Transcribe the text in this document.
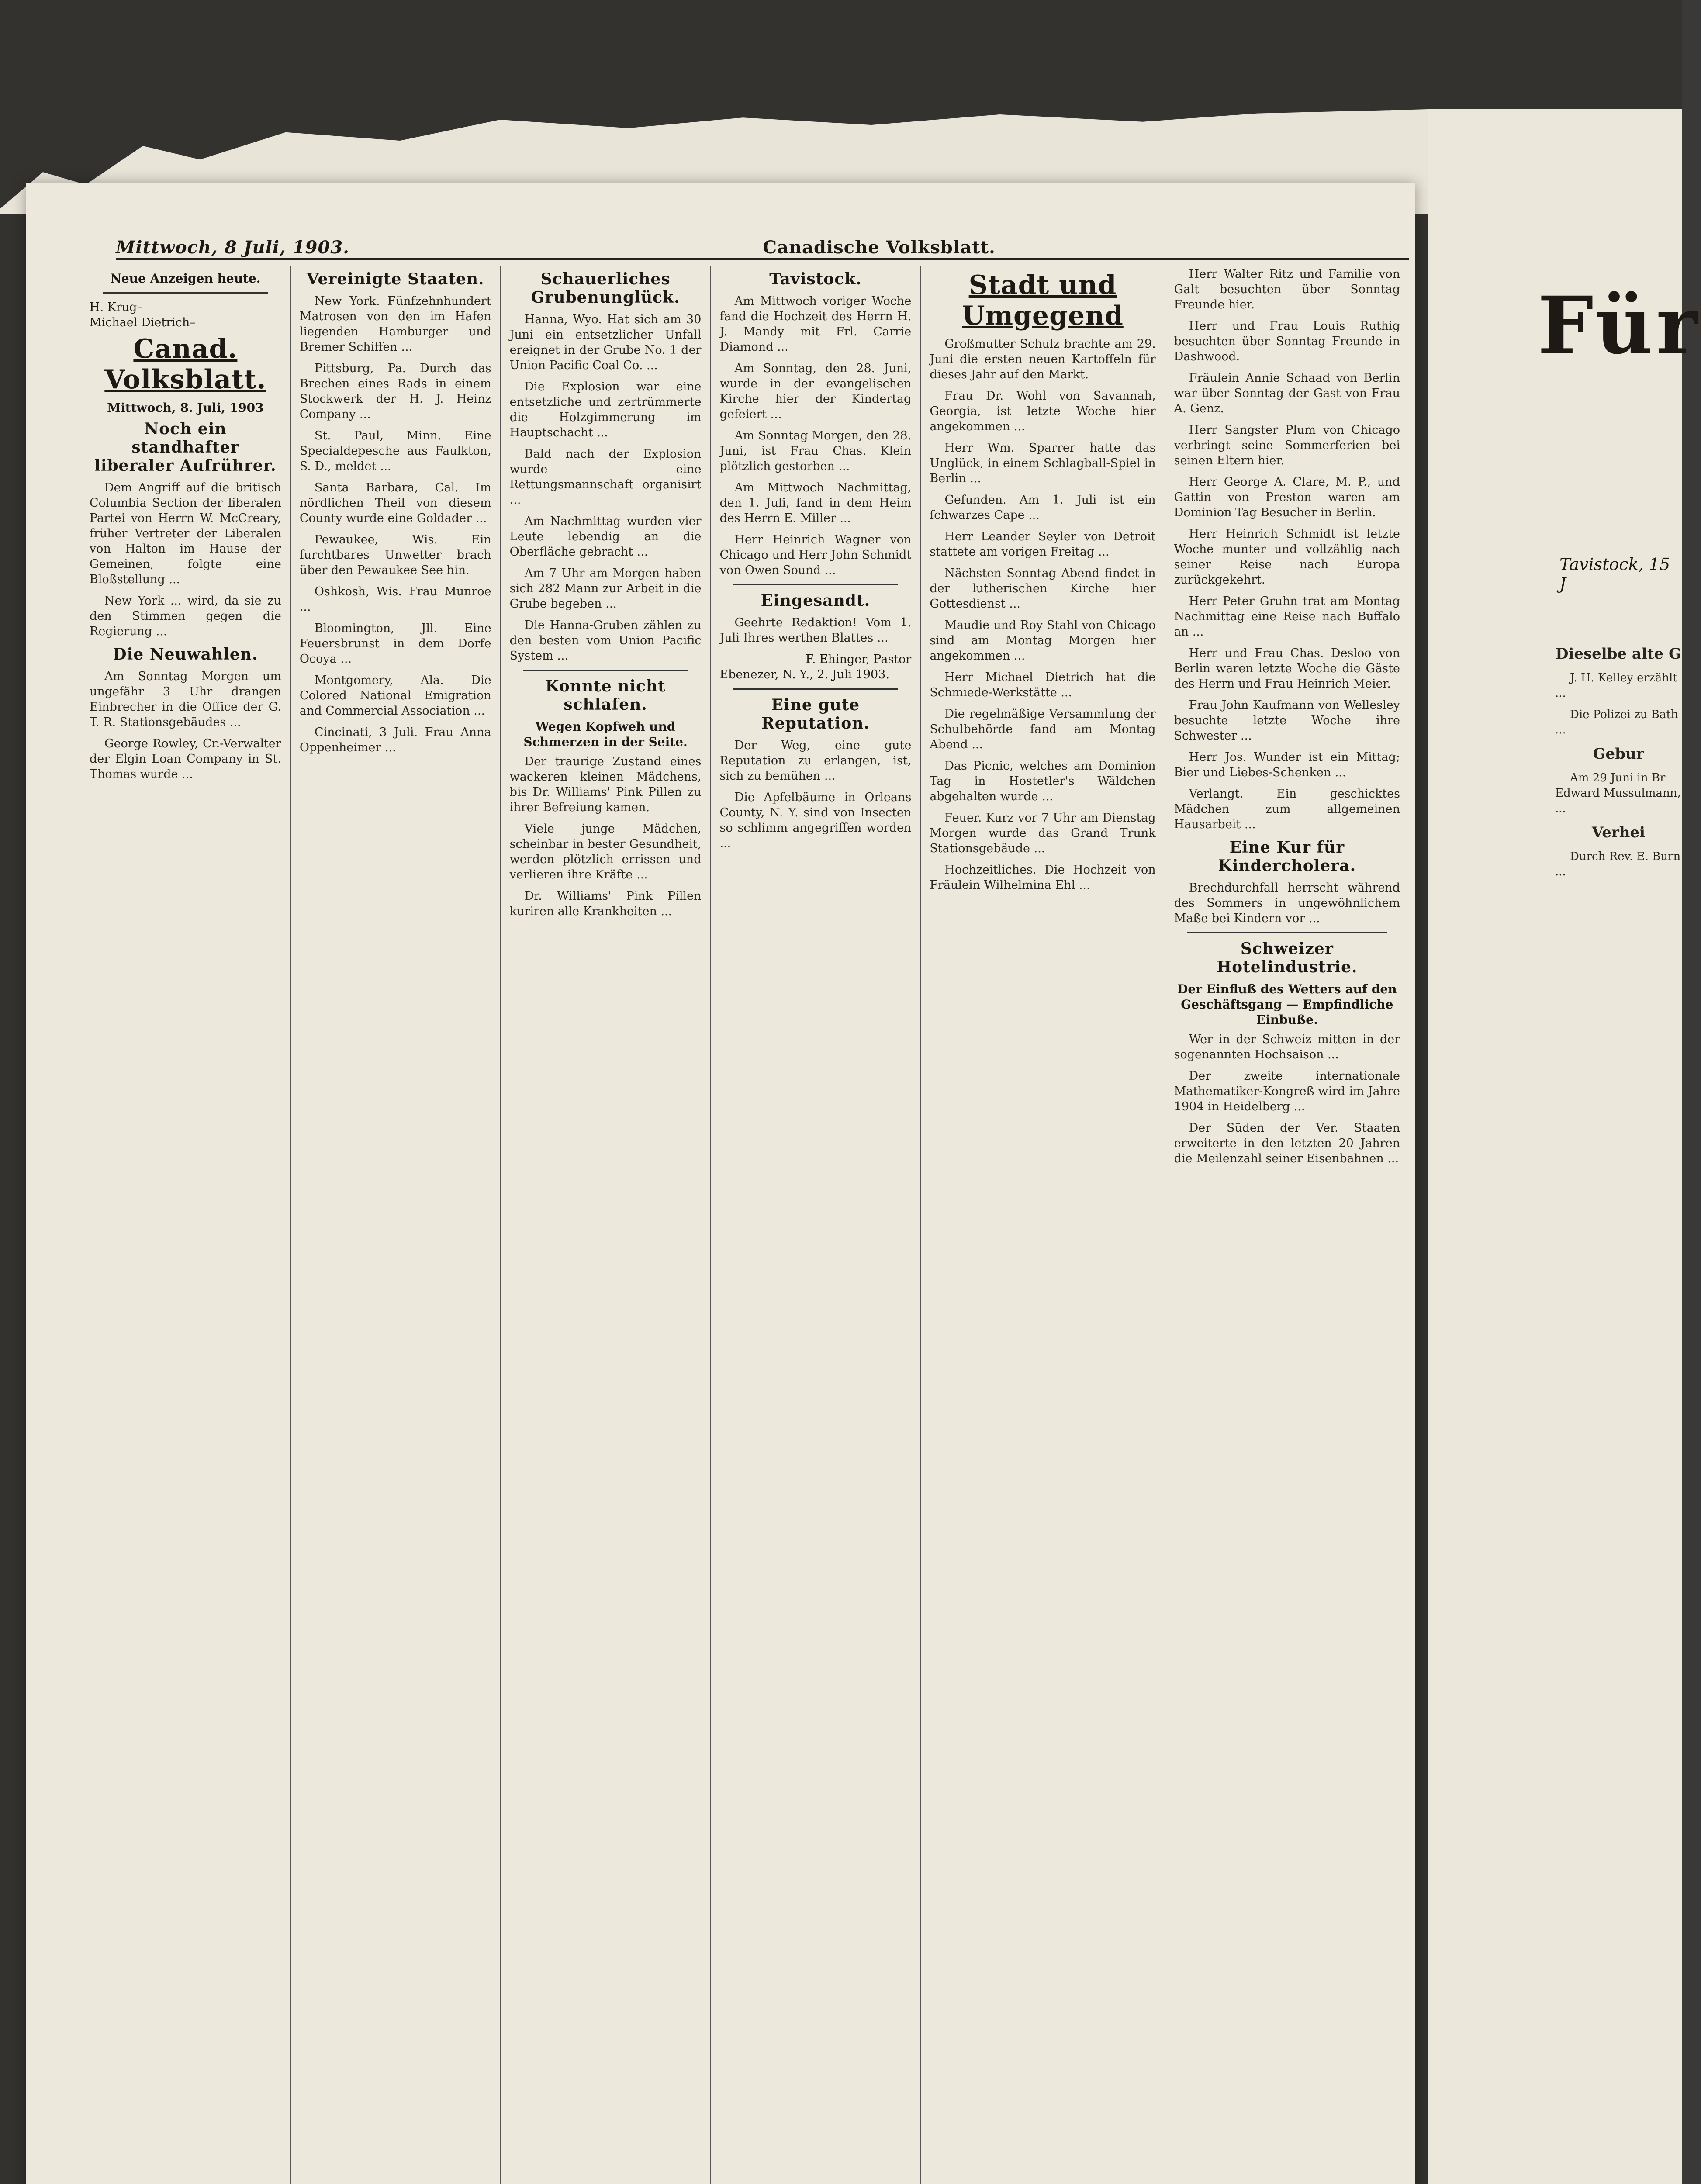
Mittwoch, 8 Juli, 1903.	Canadische Volksblatt.
Neue Anzeigen heute.
H. Krug–
Michael Dietrich–
Canad. Volksblatt.
Mittwoch, 8. Juli, 1903
Noch ein standhafter liberaler Aufrührer.

Dem Angriff auf die britisch Columbia Section der liberalen Partei von Herrn W. McCreary, früher Vertreter der Liberalen von Halton im Hause der Gemeinen, folgte eine Bloßstellung ...

New York ... wird, da sie zu den Stimmen gegen die Regierung ...

Die Neuwahlen.

Am Sonntag Morgen um ungefähr 3 Uhr drangen Einbrecher in die Office der G. T. R. Stationsgebäudes ...

George Rowley, Cr.-Verwalter der Elgin Loan Company in St. Thomas wurde ...

Vereinigte Staaten.

New York. Fünfzehnhundert Matrosen von den im Hafen liegenden Hamburger und Bremer Schiffen ...

Pittsburg, Pa. Durch das Brechen eines Rads in einem Stockwerk der H. J. Heinz Company ...

St. Paul, Minn. Eine Specialdepesche aus Faulkton, S. D., meldet ...

Santa Barbara, Cal. Im nördlichen Theil von diesem County wurde eine Goldader ...

Pewaukee, Wis. Ein furchtbares Unwetter brach über den Pewaukee See hin.

Oshkosh, Wis. Frau Munroe ...

Bloomington, Jll. Eine Feuersbrunst in dem Dorfe Ocoya ...

Montgomery, Ala. Die Colored National Emigration and Commercial Association ...

Cincinati, 3 Juli. Frau Anna Oppenheimer ...

Schauerliches Grubenunglück.

Hanna, Wyo. Hat sich am 30 Juni ein entsetzlicher Unfall ereignet in der Grube No. 1 der Union Pacific Coal Co. ...

Die Explosion war eine entsetzliche und zertrümmerte die Holzgimmerung im Hauptschacht ...

Bald nach der Explosion wurde eine Rettungsmannschaft organisirt ...

Am Nachmittag wurden vier Leute lebendig an die Oberfläche gebracht ...

Am 7 Uhr am Morgen haben sich 282 Mann zur Arbeit in die Grube begeben ...

Die Hanna-Gruben zählen zu den besten vom Union Pacific System ...

Konnte nicht schlafen.
Wegen Kopfweh und Schmerzen in der Seite.

Der traurige Zustand eines wackeren kleinen Mädchens, bis Dr. Williams' Pink Pillen zu ihrer Befreiung kamen.

Viele junge Mädchen, scheinbar in bester Gesundheit, werden plötzlich errissen und verlieren ihre Kräfte ...

Dr. Williams' Pink Pillen kuriren alle Krankheiten ...

Tavistock.

Am Mittwoch voriger Woche fand die Hochzeit des Herrn H. J. Mandy mit Frl. Carrie Diamond ...

Am Sonntag, den 28. Juni, wurde in der evangelischen Kirche hier der Kindertag gefeiert ...

Am Sonntag Morgen, den 28. Juni, ist Frau Chas. Klein plötzlich gestorben ...

Am Mittwoch Nachmittag, den 1. Juli, fand in dem Heim des Herrn E. Miller ...

Herr Heinrich Wagner von Chicago und Herr John Schmidt von Owen Sound ...

Eingesandt.

Geehrte Redaktion! Vom 1. Juli Ihres werthen Blattes ...

F. Ehinger, Pastor
Ebenezer, N. Y., 2. Juli 1903.
Eine gute Reputation.

Der Weg, eine gute Reputation zu erlangen, ist, sich zu bemühen ...

Die Apfelbäume in Orleans County, N. Y. sind von Insecten so schlimm angegriffen worden ...

Stadt und Umgegend

Großmutter Schulz brachte am 29. Juni die ersten neuen Kartoffeln für dieses Jahr auf den Markt.

Frau Dr. Wohl von Savannah, Georgia, ist letzte Woche hier angekommen ...

Herr Wm. Sparrer hatte das Unglück, in einem Schlagball-Spiel in Berlin ...

Geſunden. Am 1. Juli ist ein ſchwarzes Cape ...

Herr Leander Seyler von Detroit stattete am vorigen Freitag ...

Nächsten Sonntag Abend findet in der lutherischen Kirche hier Gottesdienst ...

Maudie und Roy Stahl von Chicago sind am Montag Morgen hier angekommen ...

Herr Michael Dietrich hat die Schmiede-Werkstätte ...

Die regelmäßige Versammlung der Schulbehörde fand am Montag Abend ...

Das Picnic, welches am Dominion Tag in Hostetler's Wäldchen abgehalten wurde ...

Feuer. Kurz vor 7 Uhr am Dienstag Morgen wurde das Grand Trunk Stationsgebäude ...

Hochzeitliches. Die Hochzeit von Fräulein Wilhelmina Ehl ...

Herr Walter Ritz und Familie von Galt besuchten über Sonntag Freunde hier.

Herr und Frau Louis Ruthig besuchten über Sonntag Freunde in Dashwood.

Fräulein Annie Schaad von Berlin war über Sonntag der Gast von Frau A. Genz.

Herr Sangster Plum von Chicago verbringt seine Sommerferien bei seinen Eltern hier.

Herr George A. Clare, M. P., und Gattin von Preston waren am Dominion Tag Besucher in Berlin.

Herr Heinrich Schmidt ist letzte Woche munter und vollzählig nach seiner Reise nach Europa zurückgekehrt.

Herr Peter Gruhn trat am Montag Nachmittag eine Reise nach Buffalo an ...

Herr und Frau Chas. Desloo von Berlin waren letzte Woche die Gäste des Herrn und Frau Heinrich Meier.

Frau John Kaufmann von Wellesley besuchte letzte Woche ihre Schwester ...

Herr Jos. Wunder ist ein Mittag; Bier und Liebes-Schenken ...

Verlangt. Ein geschicktes Mädchen zum allgemeinen Hausarbeit ...

Eine Kur für Kindercholera.

Brechdurchfall herrscht während des Sommers in ungewöhnlichem Maße bei Kindern vor ...

Schweizer Hotelindustrie.
Der Einfluß des Wetters auf den Geschäftsgang — Empfindliche Einbuße.

Wer in der Schweiz mitten in der sogenannten Hochsaison ...

Der zweite internationale Mathematiker-Kongreß wird im Jahre 1904 in Heidelberg ...

Der Süden der Ver. Staaten erweiterte in den letzten 20 Jahren die Meilenzahl seiner Eisenbahnen ...

Für
Tavistock, 15 J
Dieselbe alte G

J. H. Kelley erzählt ...

Die Polizei zu Bath ...

Gebur

Am 29 Juni in Br Edward Mussulmann, ...

Verhei

Durch Rev. E. Burn ...
